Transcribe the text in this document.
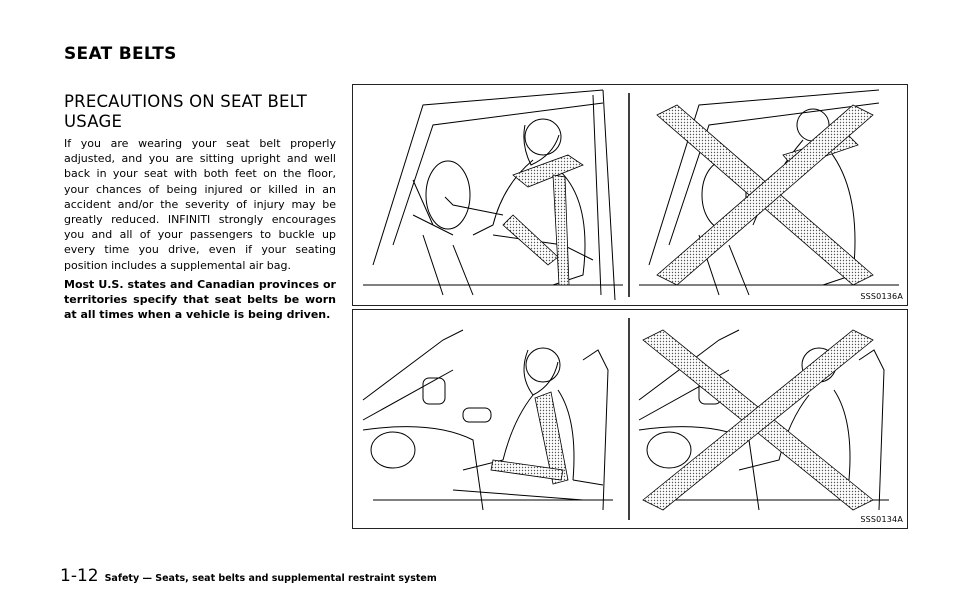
SEAT BELTS
PRECAUTIONS ON SEAT BELT USAGE

If you are wearing your seat belt properly adjusted, and you are sitting upright and well back in your seat with both feet on the floor, your chances of being injured or killed in an accident and/or the severity of injury may be greatly reduced. INFINITI strongly encourages you and all of your passengers to buckle up every time you drive, even if your seating position includes a supplemental air bag.

Most U.S. states and Canadian provinces or territories specify that seat belts be worn at all times when a vehicle is being driven.

SSS0136A
SSS0134A
1-12 Safety — Seats, seat belts and supplemental restraint system
